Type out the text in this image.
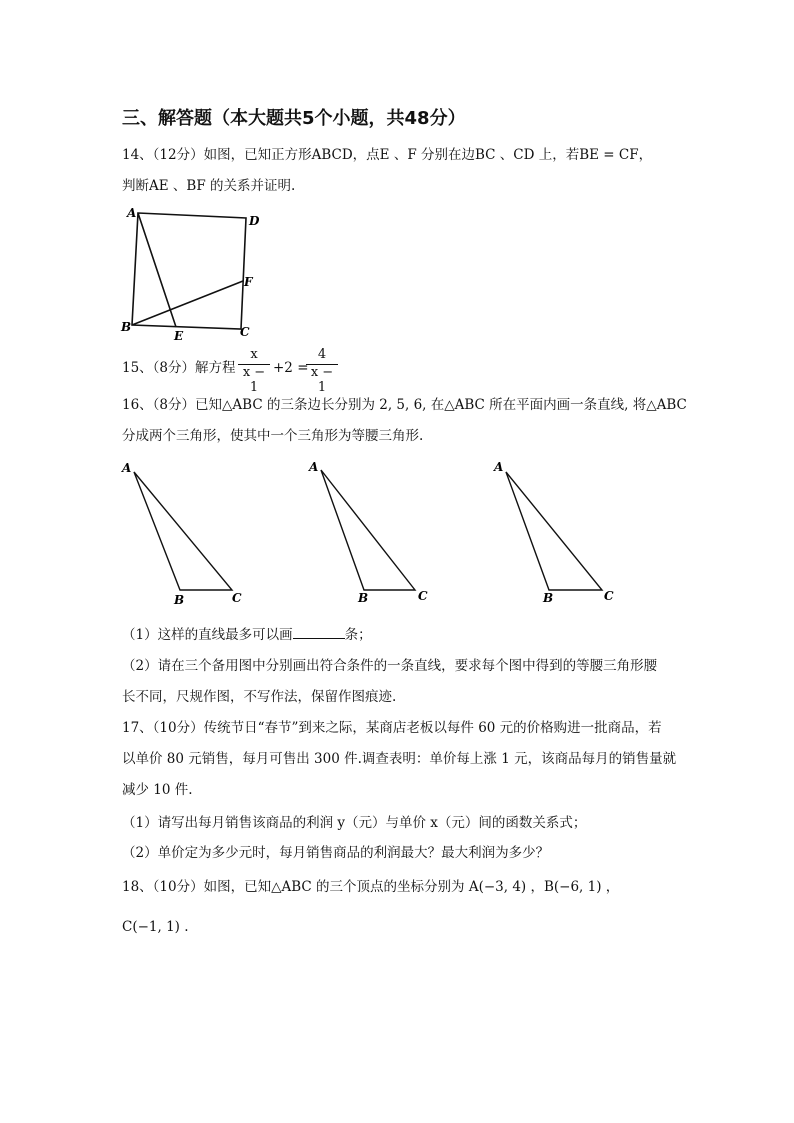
三、解答题（本大题共5个小题，共48分）
14、（12分）如图，已知正方形ABCD，点E 、F 分别在边BC 、CD 上，若BE = CF，
判断AE 、BF 的关系并证明.
A
D
F
B
E	C
15、（8分）解方程 $\frac{x}{x - 1} +2$ =
$\frac{4}{x - 1}$
16、（8分）已知△ABC 的三条边长分别为 2, 5, 6, 在△ABC 所在平面内画一条直线, 将△ABC
分成两个三角形，使其中一个三角形为等腰三角形.
A
B	C
A
B	C
A
B	C
（1）这样的直线最多可以画	条；
（2）请在三个备用图中分别画出符合条件的一条直线，要求每个图中得到的等腰三角形腰
长不同，尺规作图，不写作法，保留作图痕迹.
17、（10分）传统节日“春节”到来之际，某商店老板以每件 60 元的价格购进一批商品，若
以单价 80 元销售，每月可售出 300 件.调查表明：单价每上涨 1 元，该商品每月的销售量就
减少 10 件.
（1）请写出每月销售该商品的利润 y（元）与单价 x（元）间的函数关系式；
（2）单价定为多少元时，每月销售商品的利润最大？最大利润为多少？
18、（10分）如图，已知△ABC 的三个顶点的坐标分别为 A(−3, 4) ，B(−6, 1) ，
C(−1, 1) .
